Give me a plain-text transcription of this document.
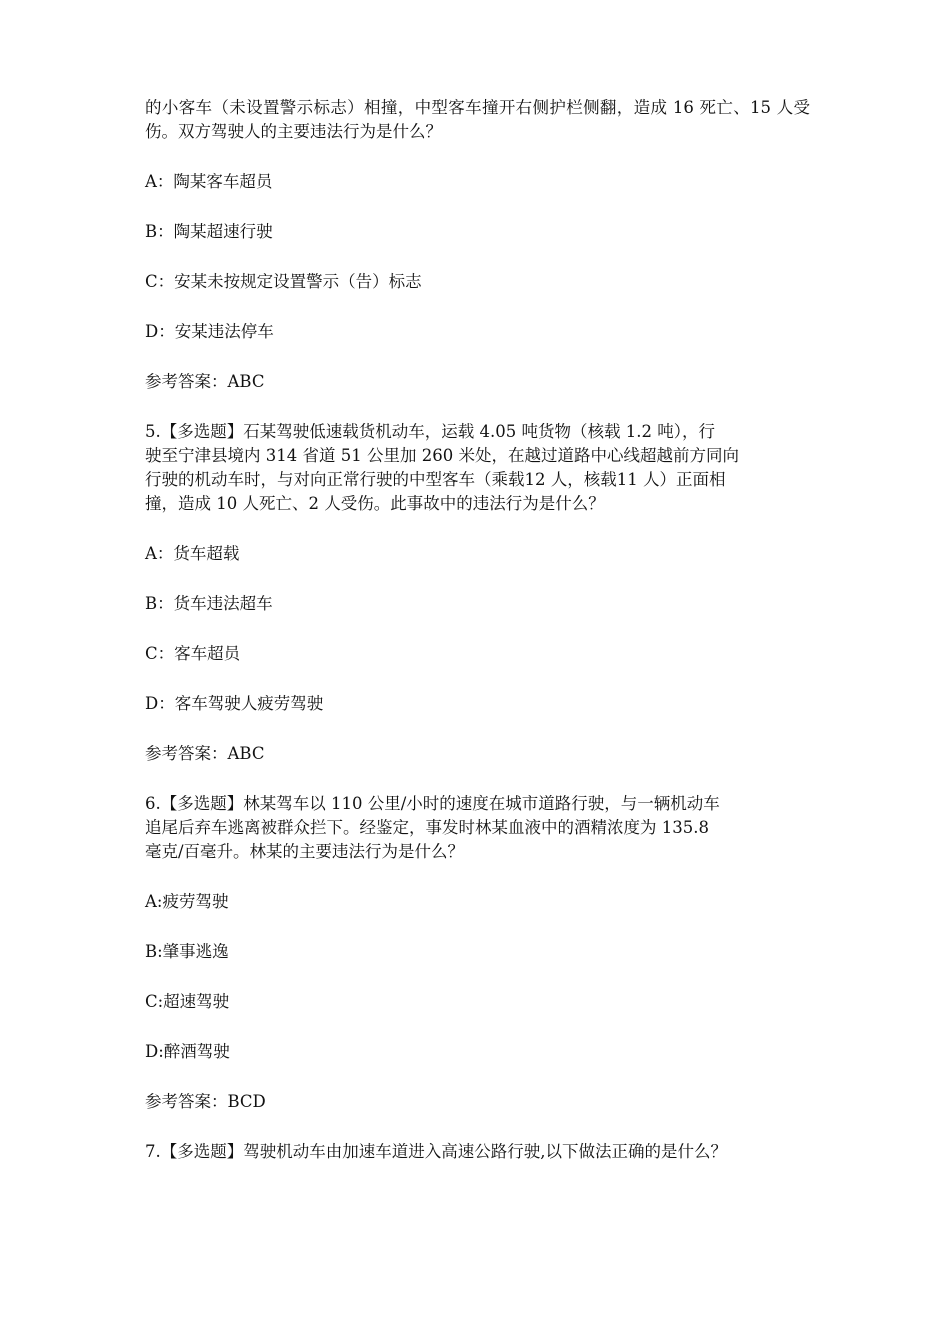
的小客车（未设置警示标志）相撞，中型客车撞开右侧护栏侧翻，造成 16 死亡、15 人受伤。双方驾驶人的主要违法行为是什么？
A：陶某客车超员
B：陶某超速行驶
C：安某未按规定设置警示（告）标志
D：安某违法停车
参考答案：ABC
5.【多选题】石某驾驶低速载货机动车，运载 4.05 吨货物（核载 1.2 吨），行
驶至宁津县境内 314 省道 51 公里加 260 米处，在越过道路中心线超越前方同向
行驶的机动车时，与对向正常行驶的中型客车（乘载12 人，核载11 人）正面相
撞，造成 10 人死亡、2 人受伤。此事故中的违法行为是什么？
A：货车超载
B：货车违法超车
C：客车超员
D：客车驾驶人疲劳驾驶
参考答案：ABC
6.【多选题】林某驾车以 110 公里/小时的速度在城市道路行驶，与一辆机动车
追尾后弃车逃离被群众拦下。经鉴定，事发时林某血液中的酒精浓度为 135.8
毫克/百毫升。林某的主要违法行为是什么？
A:疲劳驾驶
B:肇事逃逸
C:超速驾驶
D:醉酒驾驶
参考答案：BCD
7.【多选题】驾驶机动车由加速车道进入高速公路行驶,以下做法正确的是什么？
